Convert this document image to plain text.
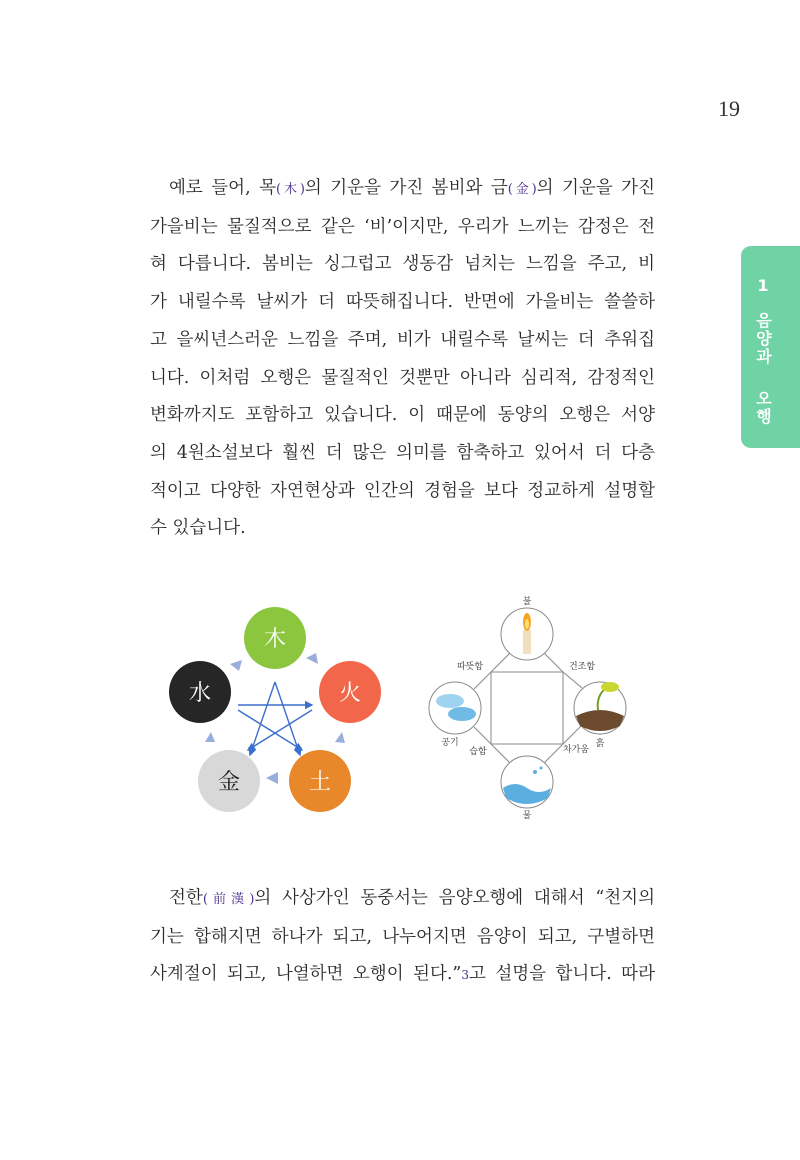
19
1
음양과
오행
예로 들어, 목(木)의 기운을 가진 봄비와 금(金)의 기운을 가진
가을비는 물질적으로 같은 ‘비’이지만, 우리가 느끼는 감정은 전
혀 다릅니다. 봄비는 싱그럽고 생동감 넘치는 느낌을 주고, 비
가 내릴수록 날씨가 더 따뜻해집니다. 반면에 가을비는 쓸쓸하
고 을씨년스러운 느낌을 주며, 비가 내릴수록 날씨는 더 추워집
니다. 이처럼 오행은 물질적인 것뿐만 아니라 심리적, 감정적인
변화까지도 포함하고 있습니다. 이 때문에 동양의 오행은 서양
의 4원소설보다 훨씬 더 많은 의미를 함축하고 있어서 더 다층
적이고 다양한 자연현상과 인간의 경험을 보다 정교하게 설명할
수 있습니다.
木
火
土
金
水
불
공기	흙
물
따뜻함	건조함
습함	차가움
전한(前漢)의 사상가인 동중서는 음양오행에 대해서 “천지의
기는 합해지면 하나가 되고, 나누어지면 음양이 되고, 구별하면
사계절이 되고, 나열하면 오행이 된다.”3고 설명을 합니다. 따라
